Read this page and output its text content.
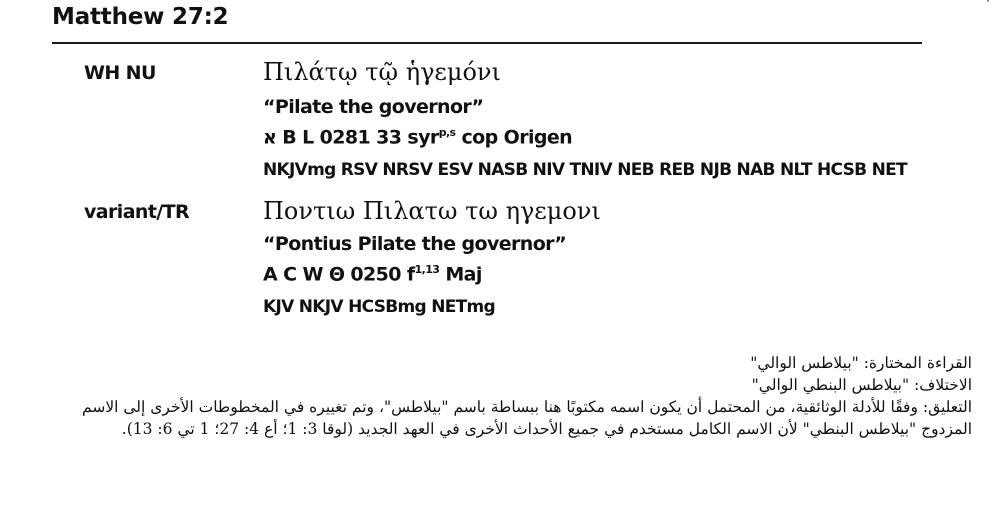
·
Matthew 27:2
WH NU	Πιλάτῳ τῷ ἡγεμόνι
“Pilate the governor”
א B L 0281 33 syr$^{p,s}$ cop Origen
NKJVmg RSV NRSV ESV NASB NIV TNIV NEB REB NJB NAB NLT HCSB NET
variant/TR	Ποντιω Πιλατω τω ηγεμονι
“Pontius Pilate the governor”
A C W Θ 0250 $f^{1,13}$ Maj
KJV NKJV HCSBmg NETmg

القراءة المختارة: "بيلاطس الوالي"

الاختلاف: "بيلاطس البنطي الوالي"

التعليق: وفقًا للأدلة الوثائقية، من المحتمل أن يكون اسمه مكتوبًا هنا ببساطة باسم "بيلاطس"، وتم تغييره في المخطوطات الأخرى إلى الاسم المزدوج "بيلاطس البنطي" لأن الاسم الكامل مستخدم في جميع الأحداث الأخرى في العهد الجديد (لوقا 3: 1؛ أع 4: 27؛ 1 تي 6: 13).
